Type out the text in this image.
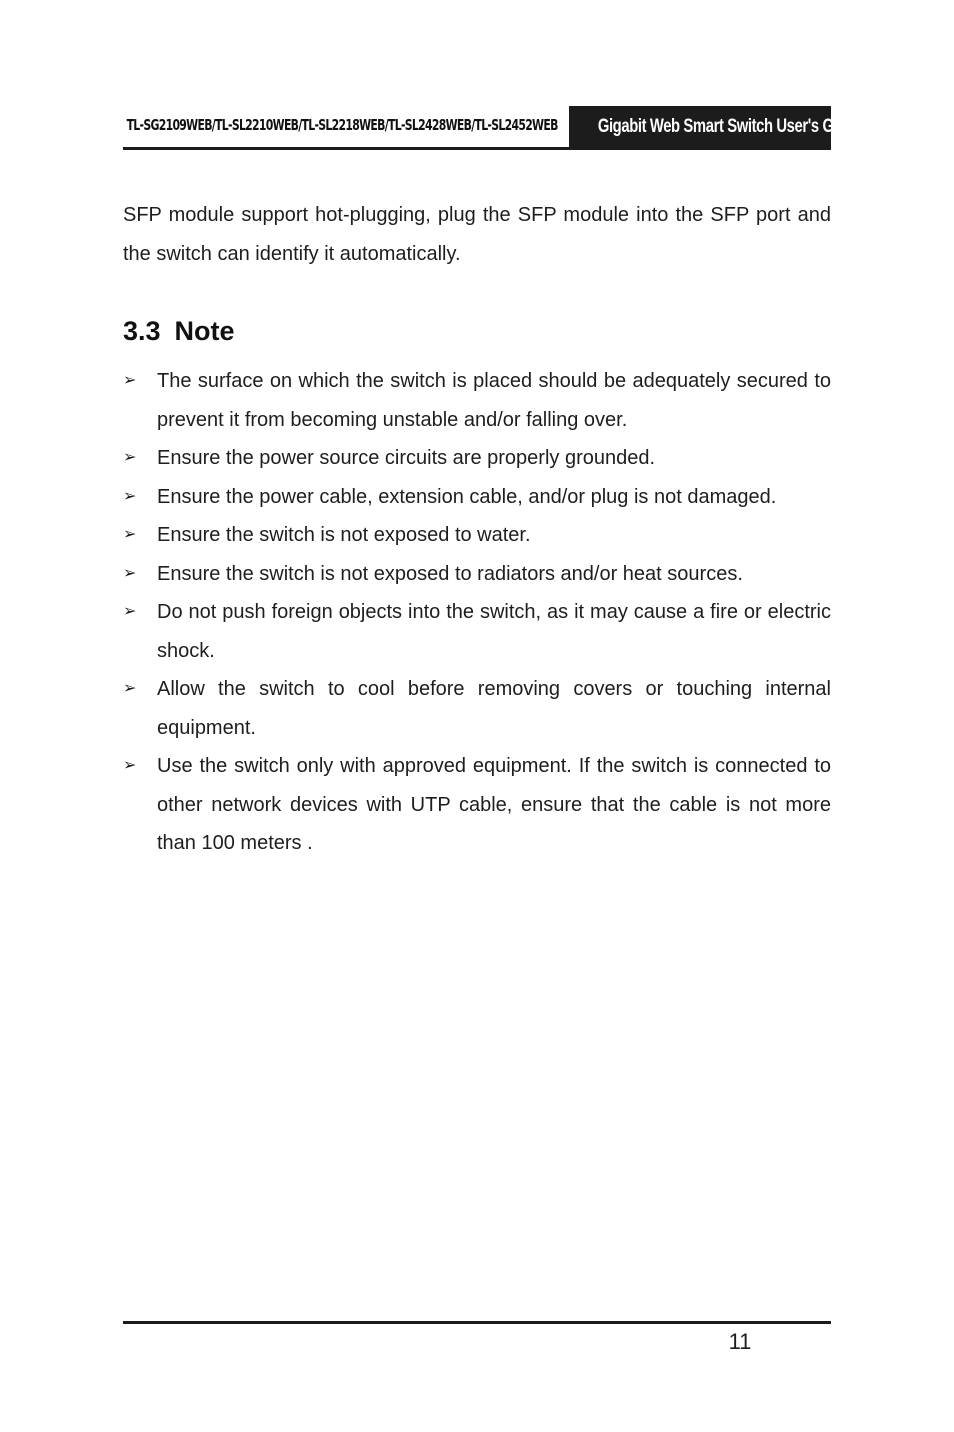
TL-SG2109WEB/TL-SL2210WEB/TL-SL2218WEB/TL-SL2428WEB/TL-SL2452WEB Gigabit Web Smart Switch User's Guide

SFP module support hot-plugging, plug the SFP module into the SFP port and the switch can identify it automatically.

3.3 Note
➢ The surface on which the switch is placed should be adequately secured to prevent it from becoming unstable and/or falling over.
➢ Ensure the power source circuits are properly grounded.
➢ Ensure the power cable, extension cable, and/or plug is not damaged.
➢ Ensure the switch is not exposed to water.
➢ Ensure the switch is not exposed to radiators and/or heat sources.
➢ Do not push foreign objects into the switch, as it may cause a fire or electric shock.
➢ Allow the switch to cool before removing covers or touching internal equipment.
➢ Use the switch only with approved equipment. If the switch is connected to other network devices with UTP cable, ensure that the cable is not more than 100 meters .
11
